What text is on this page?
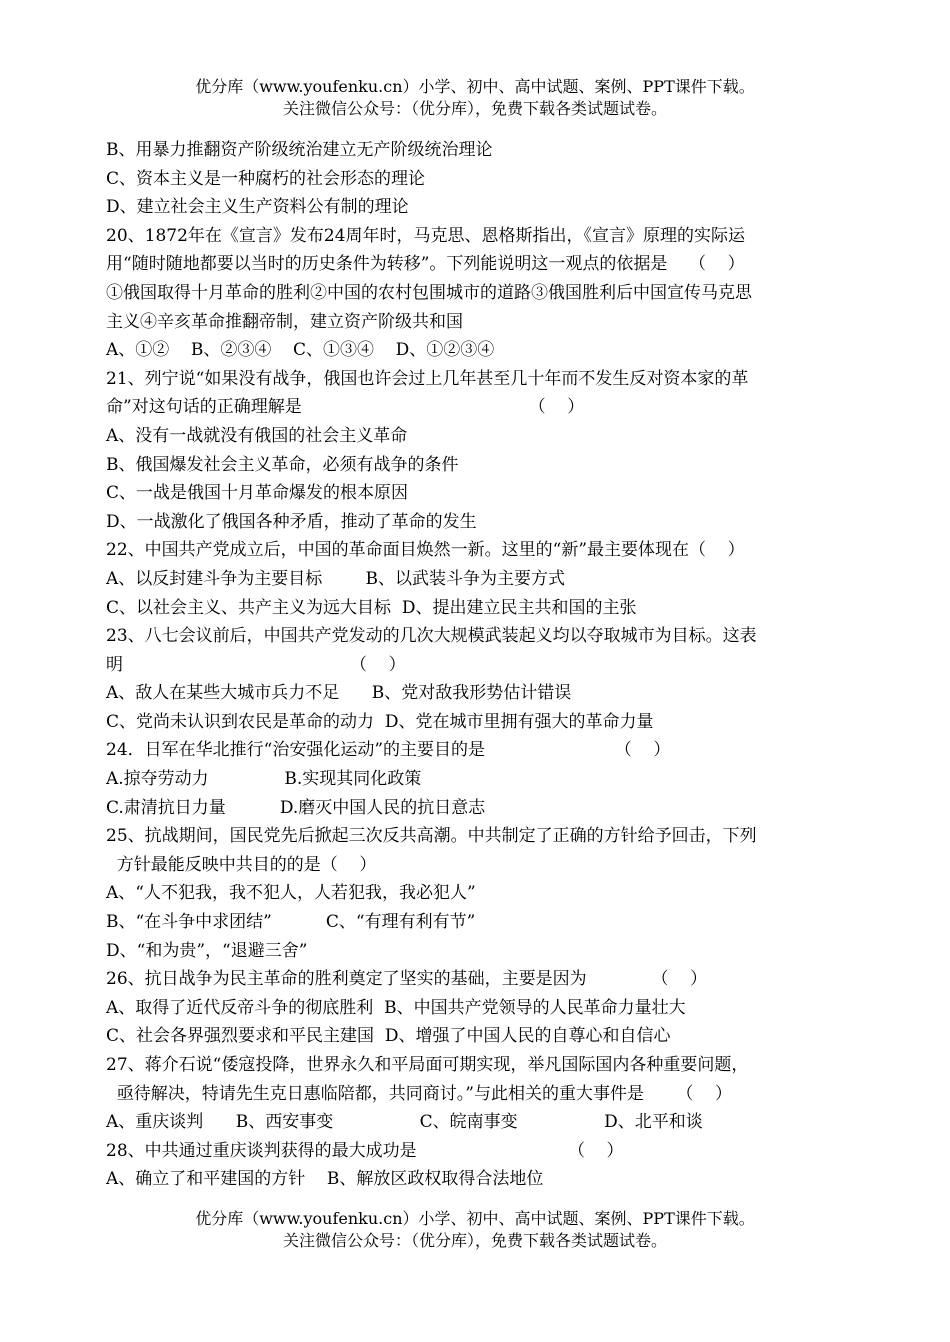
优分库（www.youfenku.cn）小学、初中、高中试题、案例、PPT课件下载。
关注微信公众号：（优分库），免费下载各类试题试卷。
B、用暴力推翻资产阶级统治建立无产阶级统治理论
C、资本主义是一种腐朽的社会形态的理论
D、建立社会主义生产资料公有制的理论
20、1872年在《宣言》发布24周年时，马克思、恩格斯指出，《宣言》原理的实际运
用“随时随地都要以当时的历史条件为转移”。下列能说明这一观点的依据是    （    ）
①俄国取得十月革命的胜利②中国的农村包围城市的道路③俄国胜利后中国宣传马克思
主义④辛亥革命推翻帝制，建立资产阶级共和国
A、①②    B、②③④    C、①③④    D、①②③④
21、列宁说“如果没有战争，俄国也许会过上几年甚至几十年而不发生反对资本家的革
命”对这句话的正确理解是                                          （    ）
A、没有一战就没有俄国的社会主义革命
B、俄国爆发社会主义革命，必须有战争的条件
C、一战是俄国十月革命爆发的根本原因
D、一战激化了俄国各种矛盾，推动了革命的发生
22、中国共产党成立后，中国的革命面目焕然一新。这里的“新”最主要体现在（    ）
A、以反封建斗争为主要目标        B、以武装斗争为主要方式
C、以社会主义、共产主义为远大目标  D、提出建立民主共和国的主张
23、八七会议前后，中国共产党发动的几次大规模武装起义均以夺取城市为目标。这表
明                                          （    ）
A、敌人在某些大城市兵力不足      B、党对敌我形势估计错误
C、党尚未认识到农民是革命的动力  D、党在城市里拥有强大的革命力量
24．日军在华北推行“治安强化运动”的主要目的是                        （    ）
A.掠夺劳动力              B.实现其同化政策
C.肃清抗日力量          D.磨灭中国人民的抗日意志
25、抗战期间，国民党先后掀起三次反共高潮。中共制定了正确的方针给予回击，下列
方针最能反映中共目的的是（    ）
A、“人不犯我，我不犯人，人若犯我，我必犯人”
B、“在斗争中求团结”          C、“有理有利有节”
D、“和为贵”，“退避三舍”
26、抗日战争为民主革命的胜利奠定了坚实的基础，主要是因为            （    ）
A、取得了近代反帝斗争的彻底胜利  B、中国共产党领导的人民革命力量壮大
C、社会各界强烈要求和平民主建国  D、增强了中国人民的自尊心和自信心
27、蒋介石说“倭寇投降，世界永久和平局面可期实现，举凡国际国内各种重要问题，
亟待解决，特请先生克日惠临陪都，共同商讨。”与此相关的重大事件是      （    ）
A、重庆谈判      B、西安事变                C、皖南事变                D、北平和谈
28、中共通过重庆谈判获得的最大成功是                            （    ）
A、确立了和平建国的方针    B、解放区政权取得合法地位
优分库（www.youfenku.cn）小学、初中、高中试题、案例、PPT课件下载。
关注微信公众号：（优分库），免费下载各类试题试卷。
